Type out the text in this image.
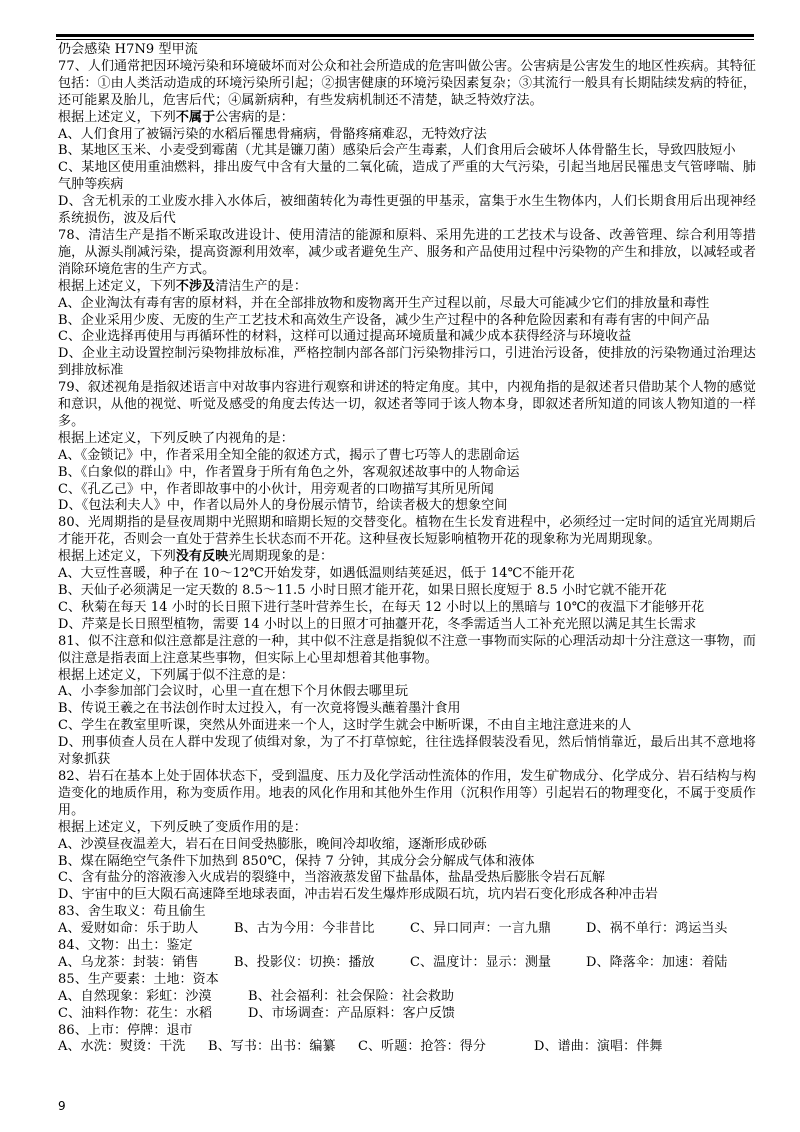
仍会感染 H7N9 型甲流

77、人们通常把因环境污染和环境破坏而对公众和社会所造成的危害叫做公害。公害病是公害发生的地区性疾病。其特征包括：①由人类活动造成的环境污染所引起；②损害健康的环境污染因素复杂；③其流行一般具有长期陆续发病的特征，还可能累及胎儿，危害后代；④属新病种，有些发病机制还不清楚，缺乏特效疗法。

根据上述定义，下列不属于公害病的是：

A、人们食用了被镉污染的水稻后罹患骨痛病，骨骼疼痛难忍，无特效疗法

B、某地区玉米、小麦受到霉菌（尤其是镰刀菌）感染后会产生毒素，人们食用后会破坏人体骨骼生长，导致四肢短小

C、某地区使用重油燃料，排出废气中含有大量的二氧化硫，造成了严重的大气污染，引起当地居民罹患支气管哮喘、肺气肿等疾病

D、含无机汞的工业废水排入水体后，被细菌转化为毒性更强的甲基汞，富集于水生生物体内，人们长期食用后出现神经系统损伤，波及后代

78、清洁生产是指不断采取改进设计、使用清洁的能源和原料、采用先进的工艺技术与设备、改善管理、综合利用等措施，从源头削减污染，提高资源利用效率，减少或者避免生产、服务和产品使用过程中污染物的产生和排放，以减轻或者消除环境危害的生产方式。

根据上述定义，下列不涉及清洁生产的是：

A、企业淘汰有毒有害的原材料，并在全部排放物和废物离开生产过程以前，尽最大可能减少它们的排放量和毒性

B、企业采用少废、无废的生产工艺技术和高效生产设备，减少生产过程中的各种危险因素和有毒有害的中间产品

C、企业选择再使用与再循环性的材料，这样可以通过提高环境质量和减少成本获得经济与环境收益

D、企业主动设置控制污染物排放标准，严格控制内部各部门污染物排污口，引进治污设备，使排放的污染物通过治理达到排放标准

79、叙述视角是指叙述语言中对故事内容进行观察和讲述的特定角度。其中，内视角指的是叙述者只借助某个人物的感觉和意识，从他的视觉、听觉及感受的角度去传达一切，叙述者等同于该人物本身，即叙述者所知道的同该人物知道的一样多。

根据上述定义，下列反映了内视角的是：

A、《金锁记》中，作者采用全知全能的叙述方式，揭示了曹七巧等人的悲剧命运

B、《白象似的群山》中，作者置身于所有角色之外，客观叙述故事中的人物命运

C、《孔乙己》中，作者即故事中的小伙计，用旁观者的口吻描写其所见所闻

D、《包法利夫人》中，作者以局外人的身份展示情节，给读者极大的想象空间

80、光周期指的是昼夜周期中光照期和暗期长短的交替变化。植物在生长发育进程中，必须经过一定时间的适宜光周期后才能开花，否则会一直处于营养生长状态而不开花。这种昼夜长短影响植物开花的现象称为光周期现象。

根据上述定义，下列没有反映光周期现象的是：

A、大豆性喜暖，种子在 10～12℃开始发芽，如遇低温则结荚延迟，低于 14℃不能开花

B、天仙子必须满足一定天数的 8.5～11.5 小时日照才能开花，如果日照长度短于 8.5 小时它就不能开花

C、秋菊在每天 14 小时的长日照下进行茎叶营养生长，在每天 12 小时以上的黑暗与 10℃的夜温下才能够开花

D、芹菜是长日照型植物，需要 14 小时以上的日照才可抽薹开花，冬季需适当人工补充光照以满足其生长需求

81、似不注意和似注意都是注意的一种，其中似不注意是指貌似不注意一事物而实际的心理活动却十分注意这一事物，而似注意是指表面上注意某些事物，但实际上心里却想着其他事物。

根据上述定义，下列属于似不注意的是：

A、小李参加部门会议时，心里一直在想下个月休假去哪里玩

B、传说王羲之在书法创作时太过投入，有一次竟将馒头蘸着墨汁食用

C、学生在教室里听课，突然从外面进来一个人，这时学生就会中断听课，不由自主地注意进来的人

D、刑事侦查人员在人群中发现了侦缉对象，为了不打草惊蛇，往往选择假装没看见，然后悄悄靠近，最后出其不意地将对象抓获

82、岩石在基本上处于固体状态下，受到温度、压力及化学活动性流体的作用，发生矿物成分、化学成分、岩石结构与构造变化的地质作用，称为变质作用。地表的风化作用和其他外生作用（沉积作用等）引起岩石的物理变化，不属于变质作用。

根据上述定义，下列反映了变质作用的是：

A、沙漠昼夜温差大，岩石在日间受热膨胀，晚间冷却收缩，逐渐形成砂砾

B、煤在隔绝空气条件下加热到 850℃，保持 7 分钟，其成分会分解成气体和液体

C、含有盐分的溶液渗入火成岩的裂缝中，当溶液蒸发留下盐晶体，盐晶受热后膨胀令岩石瓦解

D、宇宙中的巨大陨石高速降至地球表面，冲击岩石发生爆炸形成陨石坑，坑内岩石变化形成各种冲击岩

83、舍生取义：苟且偷生

A、爱财如命：乐于助人	B、古为今用：今非昔比	C、异口同声：一言九鼎	D、祸不单行：鸿运当头

84、文物：出土：鉴定

A、乌龙茶：封装：销售	B、投影仪：切换：播放	C、温度计：显示：测量	D、降落伞：加速：着陆

85、生产要素：土地：资本

A、自然现象：彩虹：沙漠	B、社会福利：社会保险：社会救助
C、油料作物：花生：水稻	D、市场调查：产品原料：客户反馈

86、上市：停牌：退市

A、水洗：熨烫：干洗	B、写书：出书：编纂	C、听题：抢答：得分	D、谱曲：演唱：伴舞
9
